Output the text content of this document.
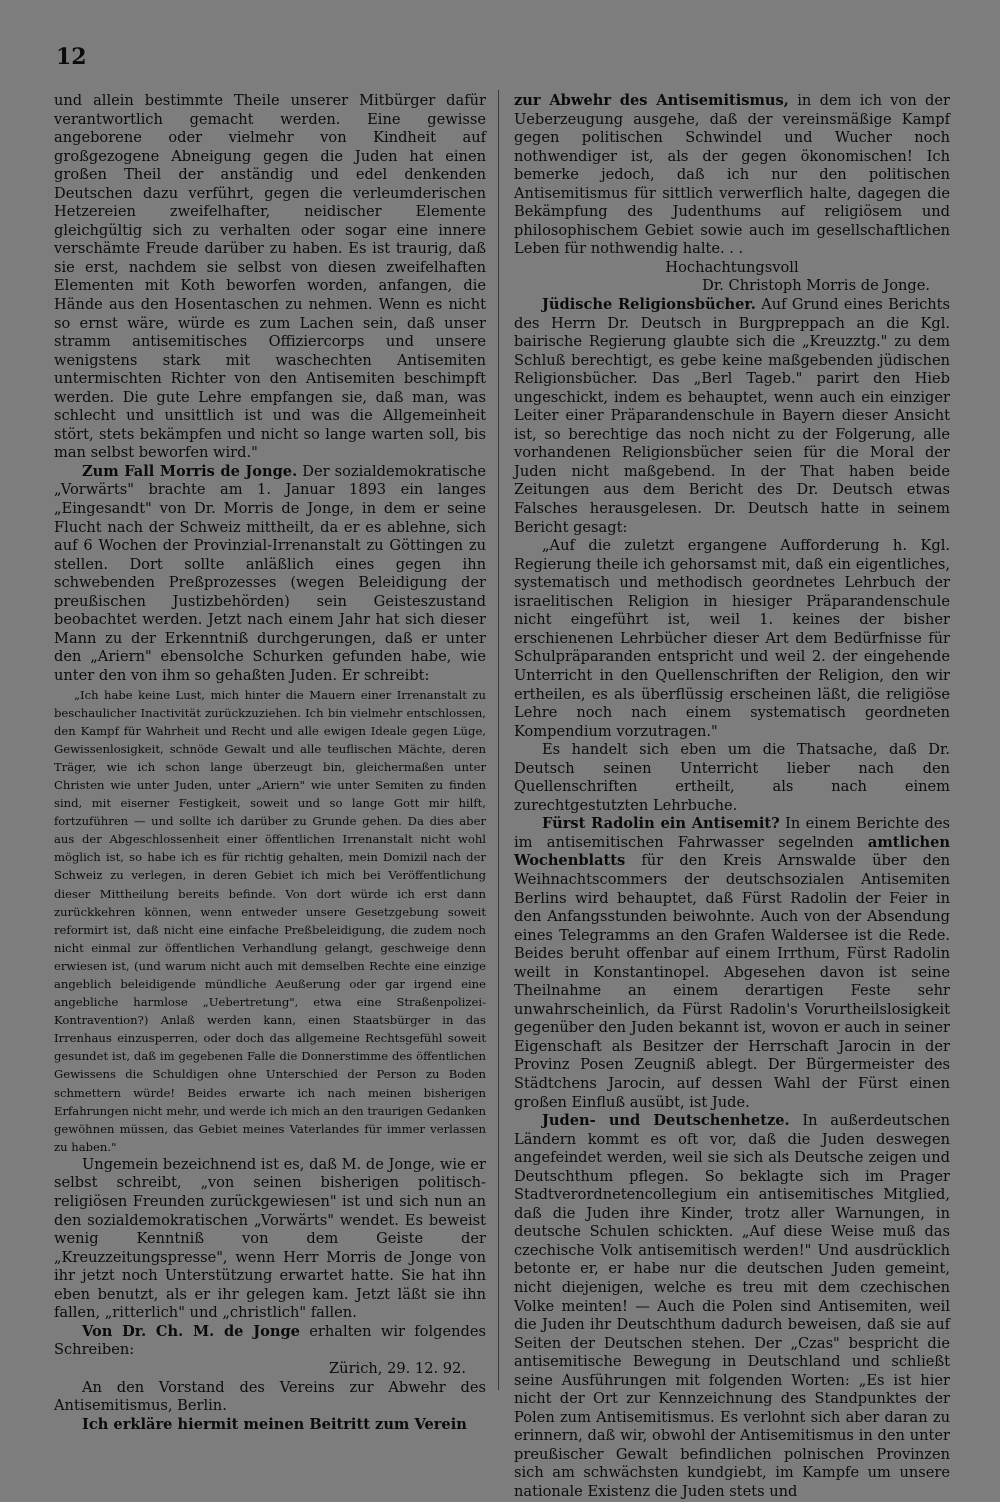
12

und allein bestimmte Theile unserer Mitbürger dafür verantwortlich gemacht werden. Eine gewisse angeborene oder vielmehr von Kindheit auf großgezogene Abneigung gegen die Juden hat einen großen Theil der anständig und edel denkenden Deutschen dazu verführt, gegen die verleumderischen Hetzereien zweifelhafter, neidischer Elemente gleichgültig sich zu verhalten oder sogar eine innere verschämte Freude darüber zu haben. Es ist traurig, daß sie erst, nachdem sie selbst von diesen zweifelhaften Elementen mit Koth beworfen worden, anfangen, die Hände aus den Hosentaschen zu nehmen. Wenn es nicht so ernst wäre, würde es zum Lachen sein, daß unser stramm antisemitisches Offiziercorps und unsere wenigstens stark mit waschechten Antisemiten untermischten Richter von den Antisemiten beschimpft werden. Die gute Lehre empfangen sie, daß man, was schlecht und unsittlich ist und was die Allgemeinheit stört, stets bekämpfen und nicht so lange warten soll, bis man selbst beworfen wird."

Zum Fall Morris de Jonge. Der sozialdemokratische „Vorwärts" brachte am 1. Januar 1893 ein langes „Eingesandt" von Dr. Morris de Jonge, in dem er seine Flucht nach der Schweiz mittheilt, da er es ablehne, sich auf 6 Wochen der Provinzial-Irrenanstalt zu Göttingen zu stellen. Dort sollte anläßlich eines gegen ihn schwebenden Preßprozesses (wegen Beleidigung der preußischen Justizbehörden) sein Geisteszustand beobachtet werden. Jetzt nach einem Jahr hat sich dieser Mann zu der Erkenntniß durchgerungen, daß er unter den „Ariern" ebensolche Schurken gefunden habe, wie unter den von ihm so gehaßten Juden. Er schreibt:

„Ich habe keine Lust, mich hinter die Mauern einer Irrenanstalt zu beschaulicher Inactivität zurückzuziehen. Ich bin vielmehr entschlossen, den Kampf für Wahrheit und Recht und alle ewigen Ideale gegen Lüge, Gewissenlosigkeit, schnöde Gewalt und alle teuflischen Mächte, deren Träger, wie ich schon lange überzeugt bin, gleichermaßen unter Christen wie unter Juden, unter „Ariern" wie unter Semiten zu finden sind, mit eiserner Festigkeit, soweit und so lange Gott mir hilft, fortzuführen — und sollte ich darüber zu Grunde gehen. Da dies aber aus der Abgeschlossenheit einer öffentlichen Irrenanstalt nicht wohl möglich ist, so habe ich es für richtig gehalten, mein Domizil nach der Schweiz zu verlegen, in deren Gebiet ich mich bei Veröffentlichung dieser Mittheilung bereits befinde. Von dort würde ich erst dann zurückkehren können, wenn entweder unsere Gesetzgebung soweit reformirt ist, daß nicht eine einfache Preßbeleidigung, die zudem noch nicht einmal zur öffentlichen Verhandlung gelangt, geschweige denn erwiesen ist, (und warum nicht auch mit demselben Rechte eine einzige angeblich beleidigende mündliche Aeußerung oder gar irgend eine angebliche harmlose „Uebertretung", etwa eine Straßenpolizei-Kontravention?) Anlaß werden kann, einen Staatsbürger in das Irrenhaus einzusperren, oder doch das allgemeine Rechtsgefühl soweit gesundet ist, daß im gegebenen Falle die Donnerstimme des öffentlichen Gewissens die Schuldigen ohne Unterschied der Person zu Boden schmettern würde! Beides erwarte ich nach meinen bisherigen Erfahrungen nicht mehr, und werde ich mich an den traurigen Gedanken gewöhnen müssen, das Gebiet meines Vaterlandes für immer verlassen zu haben."

Ungemein bezeichnend ist es, daß M. de Jonge, wie er selbst schreibt, „von seinen bisherigen politisch-religiösen Freunden zurückgewiesen" ist und sich nun an den sozialdemokratischen „Vorwärts" wendet. Es beweist wenig Kenntniß von dem Geiste der „Kreuzzeitungspresse", wenn Herr Morris de Jonge von ihr jetzt noch Unterstützung erwartet hatte. Sie hat ihn eben benutzt, als er ihr gelegen kam. Jetzt läßt sie ihn fallen, „ritterlich" und „christlich" fallen.

Von Dr. Ch. M. de Jonge erhalten wir folgendes Schreiben:

Zürich, 29. 12. 92.

An den Vorstand des Vereins zur Abwehr des Antisemitismus, Berlin.

Ich erkläre hiermit meinen Beitritt zum Verein

zur Abwehr des Antisemitismus, in dem ich von der Ueberzeugung ausgehe, daß der vereinsmäßige Kampf gegen politischen Schwindel und Wucher noch nothwendiger ist, als der gegen ökonomischen! Ich bemerke jedoch, daß ich nur den politischen Antisemitismus für sittlich verwerflich halte, dagegen die Bekämpfung des Judenthums auf religiösem und philosophischem Gebiet sowie auch im gesellschaftlichen Leben für nothwendig halte. . .

Hochachtungsvoll

Dr. Christoph Morris de Jonge.

Jüdische Religionsbücher. Auf Grund eines Berichts des Herrn Dr. Deutsch in Burgpreppach an die Kgl. bairische Regierung glaubte sich die „Kreuzztg." zu dem Schluß berechtigt, es gebe keine maßgebenden jüdischen Religionsbücher. Das „Berl Tageb." parirt den Hieb ungeschickt, indem es behauptet, wenn auch ein einziger Leiter einer Präparandenschule in Bayern dieser Ansicht ist, so berechtige das noch nicht zu der Folgerung, alle vorhandenen Religionsbücher seien für die Moral der Juden nicht maßgebend. In der That haben beide Zeitungen aus dem Bericht des Dr. Deutsch etwas Falsches herausgelesen. Dr. Deutsch hatte in seinem Bericht gesagt:

„Auf die zuletzt ergangene Aufforderung h. Kgl. Regierung theile ich gehorsamst mit, daß ein eigentliches, systematisch und methodisch geordnetes Lehrbuch der israelitischen Religion in hiesiger Präparandenschule nicht eingeführt ist, weil 1. keines der bisher erschienenen Lehrbücher dieser Art dem Bedürfnisse für Schulpräparanden entspricht und weil 2. der eingehende Unterricht in den Quellenschriften der Religion, den wir ertheilen, es als überflüssig erscheinen läßt, die religiöse Lehre noch nach einem systematisch geordneten Kompendium vorzutragen."

Es handelt sich eben um die Thatsache, daß Dr. Deutsch seinen Unterricht lieber nach den Quellenschriften ertheilt, als nach einem zurechtgestutzten Lehrbuche.

Fürst Radolin ein Antisemit? In einem Berichte des im antisemitischen Fahrwasser segelnden amtlichen Wochenblatts für den Kreis Arnswalde über den Weihnachtscommers der deutschsozialen Antisemiten Berlins wird behauptet, daß Fürst Radolin der Feier in den Anfangsstunden beiwohnte. Auch von der Absendung eines Telegramms an den Grafen Waldersee ist die Rede. Beides beruht offenbar auf einem Irrthum, Fürst Radolin weilt in Konstantinopel. Abgesehen davon ist seine Theilnahme an einem derartigen Feste sehr unwahrscheinlich, da Fürst Radolin's Vorurtheilslosigkeit gegenüber den Juden bekannt ist, wovon er auch in seiner Eigenschaft als Besitzer der Herrschaft Jarocin in der Provinz Posen Zeugniß ablegt. Der Bürgermeister des Städtchens Jarocin, auf dessen Wahl der Fürst einen großen Einfluß ausübt, ist Jude.

Juden- und Deutschenhetze. In außerdeutschen Ländern kommt es oft vor, daß die Juden deswegen angefeindet werden, weil sie sich als Deutsche zeigen und Deutschthum pflegen. So beklagte sich im Prager Stadtverordnetencollegium ein antisemitisches Mitglied, daß die Juden ihre Kinder, trotz aller Warnungen, in deutsche Schulen schickten. „Auf diese Weise muß das czechische Volk antisemitisch werden!" Und ausdrücklich betonte er, er habe nur die deutschen Juden gemeint, nicht diejenigen, welche es treu mit dem czechischen Volke meinten! — Auch die Polen sind Antisemiten, weil die Juden ihr Deutschthum dadurch beweisen, daß sie auf Seiten der Deutschen stehen. Der „Czas" bespricht die antisemitische Bewegung in Deutschland und schließt seine Ausführungen mit folgenden Worten: „Es ist hier nicht der Ort zur Kennzeichnung des Standpunktes der Polen zum Antisemitismus. Es verlohnt sich aber daran zu erinnern, daß wir, obwohl der Antisemitismus in den unter preußischer Gewalt befindlichen polnischen Provinzen sich am schwächsten kundgiebt, im Kampfe um unsere nationale Existenz die Juden stets und
